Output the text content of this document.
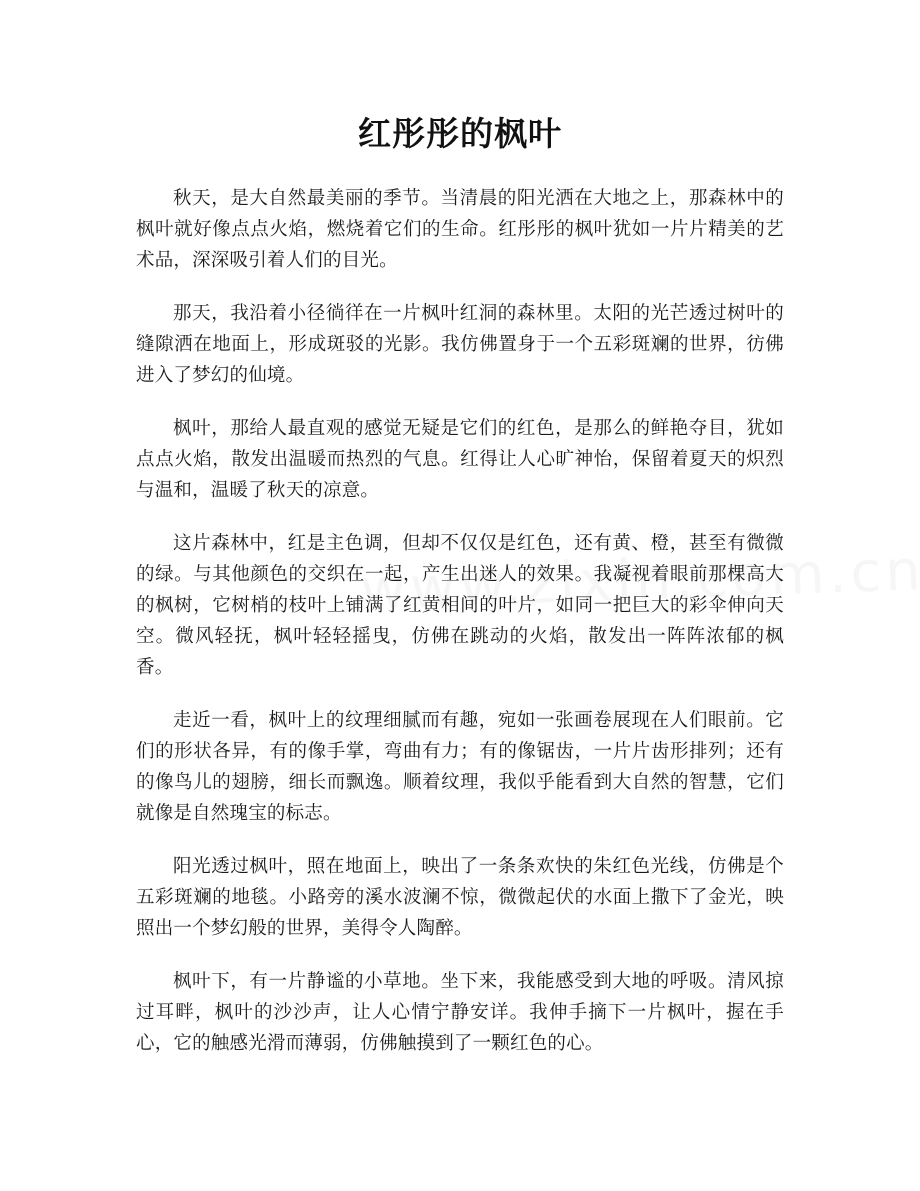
红彤彤的枫叶

秋天，是大自然最美丽的季节。当清晨的阳光洒在大地之上，那森林中的枫叶就好像点点火焰，燃烧着它们的生命。红彤彤的枫叶犹如一片片精美的艺术品，深深吸引着人们的目光。

那天，我沿着小径徜徉在一片枫叶红洞的森林里。太阳的光芒透过树叶的缝隙洒在地面上，形成斑驳的光影。我仿佛置身于一个五彩斑斓的世界，彷佛进入了梦幻的仙境。

枫叶，那给人最直观的感觉无疑是它们的红色，是那么的鲜艳夺目，犹如点点火焰，散发出温暖而热烈的气息。红得让人心旷神怡，保留着夏天的炽烈与温和，温暖了秋天的凉意。

这片森林中，红是主色调，但却不仅仅是红色，还有黄、橙，甚至有微微的绿。与其他颜色的交织在一起，产生出迷人的效果。我凝视着眼前那棵高大的枫树，它树梢的枝叶上铺满了红黄相间的叶片，如同一把巨大的彩伞伸向天空。微风轻抚，枫叶轻轻摇曳，仿佛在跳动的火焰，散发出一阵阵浓郁的枫香。

走近一看，枫叶上的纹理细腻而有趣，宛如一张画卷展现在人们眼前。它们的形状各异，有的像手掌，弯曲有力；有的像锯齿，一片片齿形排列；还有的像鸟儿的翅膀，细长而飘逸。顺着纹理，我似乎能看到大自然的智慧，它们就像是自然瑰宝的标志。

阳光透过枫叶，照在地面上，映出了一条条欢快的朱红色光线，仿佛是个五彩斑斓的地毯。小路旁的溪水波澜不惊，微微起伏的水面上撒下了金光，映照出一个梦幻般的世界，美得令人陶醉。

枫叶下，有一片静谧的小草地。坐下来，我能感受到大地的呼吸。清风掠过耳畔，枫叶的沙沙声，让人心情宁静安详。我伸手摘下一片枫叶，握在手心，它的触感光滑而薄弱，仿佛触摸到了一颗红色的心。
